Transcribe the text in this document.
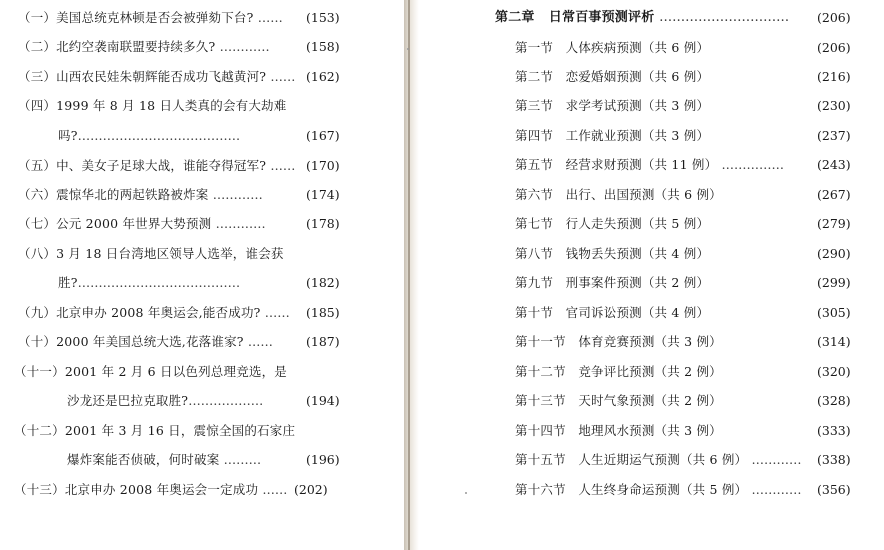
（一）美国总统克林顿是否会被弹劾下台? …… (153)
（二）北约空袭南联盟要持续多久? …………	(158)
（三）山西农民娃朱朝辉能否成功飞越黄河? …… (162)
（四）1999 年 8 月 18 日人类真的会有大劫难
吗?…………………………………	(167)
（五）中、美女子足球大战，谁能夺得冠军? …… (170)
（六）震惊华北的两起铁路被炸案 …………	(174)
（七）公元 2000 年世界大势预测 …………	(178)
（八）3 月 18 日台湾地区领导人选举，谁会获
胜?…………………………………	(182)
（九）北京申办 2008 年奥运会,能否成功? …… (185)
（十）2000 年美国总统大选,花落谁家? ……	(187)
（十一）2001 年 2 月 6 日以色列总理竞选，是
沙龙还是巴拉克取胜?………………	(194)
（十二）2001 年 3 月 16 日，震惊全国的石家庄
爆炸案能否侦破，何时破案 ………	(196)
（十三）北京申办 2008 年奥运会一定成功 …… (202)
第二章 日常百事预测评析 ………………………… (206)
第一节 人体疾病预测（共 6 例）	(206)
第二节 恋爱婚姻预测（共 6 例）	(216)
第三节 求学考试预测（共 3 例）	(230)
第四节 工作就业预测（共 3 例）	(237)
第五节 经营求财预测（共 11 例） ……………	(243)
第六节 出行、出国预测（共 6 例）	(267)
第七节 行人走失预测（共 5 例）	(279)
第八节 钱物丢失预测（共 4 例）	(290)
第九节 刑事案件预测（共 2 例）	(299)
第十节 官司诉讼预测（共 4 例）	(305)
第十一节 体育竞赛预测（共 3 例）	(314)
第十二节 竞争评比预测（共 2 例）	(320)
第十三节 天时气象预测（共 2 例）	(328)
第十四节 地理风水预测（共 3 例）	(333)
第十五节 人生近期运气预测（共 6 例） ………… (338)
第十六节 人生终身命运预测（共 5 例） ………… (356)
